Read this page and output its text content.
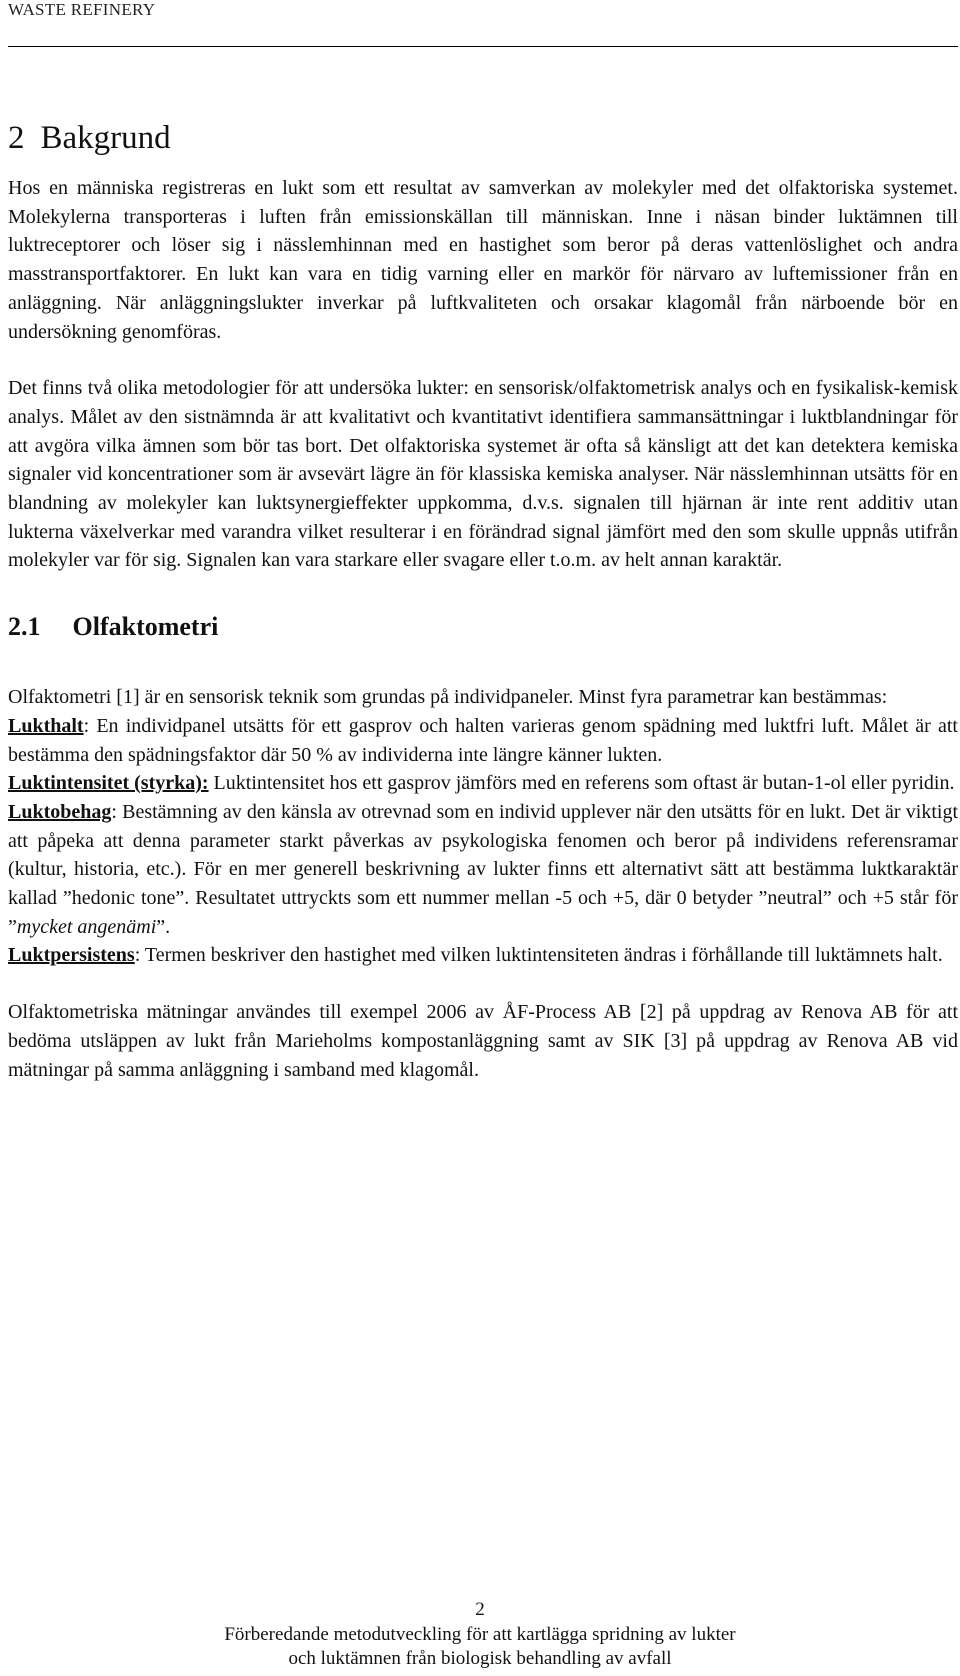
WASTE REFINERY
2 Bakgrund

Hos en människa registreras en lukt som ett resultat av samverkan av molekyler med det olfaktoriska systemet. Molekylerna transporteras i luften från emissionskällan till människan. Inne i näsan binder luktämnen till luktreceptorer och löser sig i nässlemhinnan med en hastighet som beror på deras vattenlöslighet och andra masstransportfaktorer. En lukt kan vara en tidig varning eller en markör för närvaro av luftemissioner från en anläggning. När anläggningslukter inverkar på luftkvaliteten och orsakar klagomål från närboende bör en undersökning genomföras.

Det finns två olika metodologier för att undersöka lukter: en sensorisk/olfaktometrisk analys och en fysikalisk-kemisk analys. Målet av den sistnämnda är att kvalitativt och kvantitativt identifiera sammansättningar i luktblandningar för att avgöra vilka ämnen som bör tas bort. Det olfaktoriska systemet är ofta så känsligt att det kan detektera kemiska signaler vid koncentrationer som är avsevärt lägre än för klassiska kemiska analyser. När nässlemhinnan utsätts för en blandning av molekyler kan luktsynergieffekter uppkomma, d.v.s. signalen till hjärnan är inte rent additiv utan lukterna växelverkar med varandra vilket resulterar i en förändrad signal jämfört med den som skulle uppnås utifrån molekyler var för sig. Signalen kan vara starkare eller svagare eller t.o.m. av helt annan karaktär.

2.1 Olfaktometri

Olfaktometri [1] är en sensorisk teknik som grundas på individpaneler. Minst fyra parametrar kan bestämmas:

Lukthalt: En individpanel utsätts för ett gasprov och halten varieras genom spädning med luktfri luft. Målet är att bestämma den spädningsfaktor där 50 % av individerna inte längre känner lukten.

Luktintensitet (styrka): Luktintensitet hos ett gasprov jämförs med en referens som oftast är butan-1-ol eller pyridin.

Luktobehag: Bestämning av den känsla av otrevnad som en individ upplever när den utsätts för en lukt. Det är viktigt att påpeka att denna parameter starkt påverkas av psykologiska fenomen och beror på individens referensramar (kultur, historia, etc.). För en mer generell beskrivning av lukter finns ett alternativt sätt att bestämma luktkaraktär kallad ”hedonic tone”. Resultatet uttryckts som ett nummer mellan -5 och +5, där 0 betyder ”neutral” och +5 står för ”mycket angenämi”.

Luktpersistens: Termen beskriver den hastighet med vilken luktintensiteten ändras i förhållande till luktämnets halt.

Olfaktometriska mätningar användes till exempel 2006 av ÅF-Process AB [2] på uppdrag av Renova AB för att bedöma utsläppen av lukt från Marieholms kompostanläggning samt av SIK [3] på uppdrag av Renova AB vid mätningar på samma anläggning i samband med klagomål.

2
Förberedande metodutveckling för att kartlägga spridning av lukter
och luktämnen från biologisk behandling av avfall
